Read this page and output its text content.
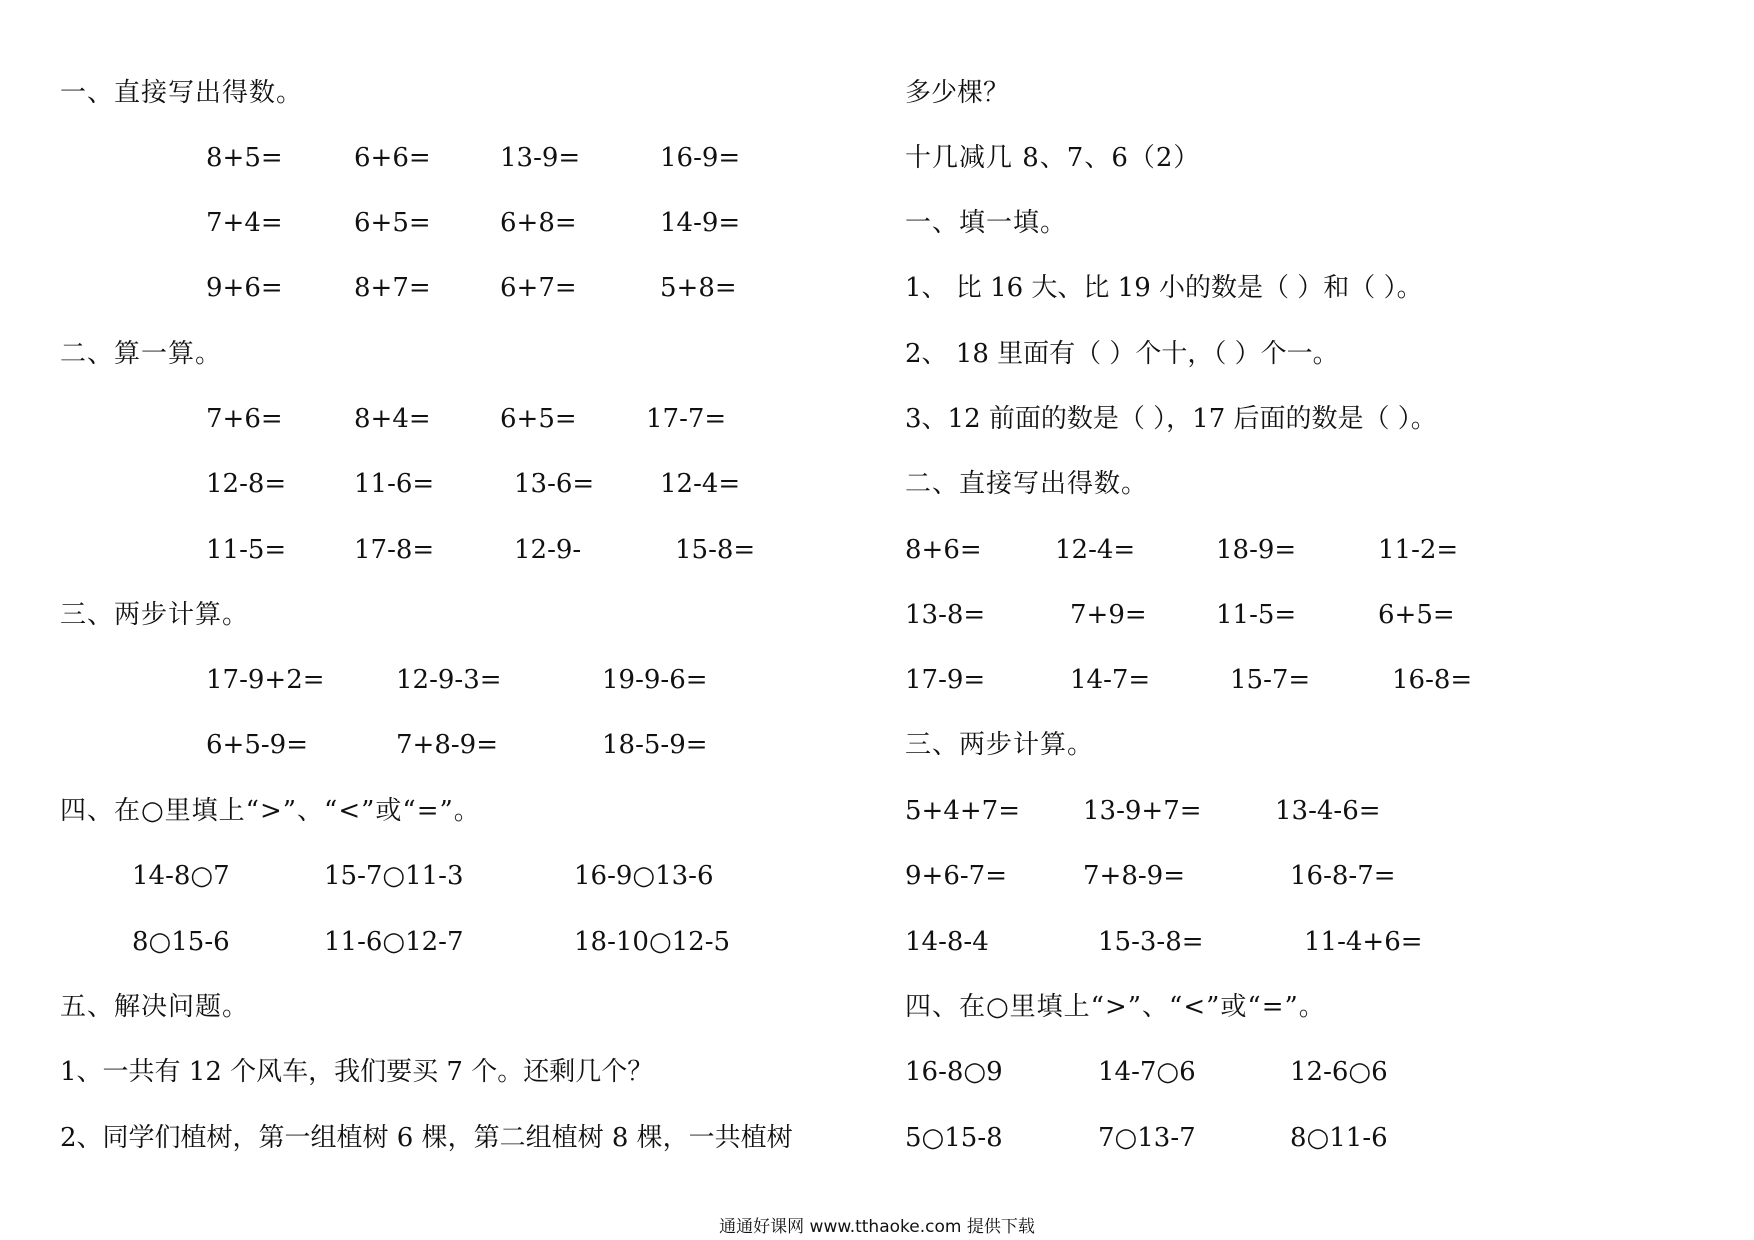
一、直接写出得数。
8+5=	6+6=	13-9=	16-9=
7+4=	6+5=	6+8=	14-9=
9+6=	8+7=	6+7=	5+8=
二、算一算。
7+6=	8+4=	6+5=	17-7=
12-8=	11-6=	13-6=	12-4=
11-5=	17-8=	12-9-	15-8=
三、两步计算。
17-9+2=	12-9-3=	19-9-6=
6+5-9=	7+8-9=	18-5-9=
四、在○里填上“>”、“<”或“=”。
14-8○7	15-7○11-3	16-9○13-6
8○15-6	11-6○12-7	18-10○12-5
五、解决问题。
1、一共有 12 个风车，我们要买 7 个。还剩几个？
2、同学们植树，第一组植树 6 棵，第二组植树 8 棵，一共植树
多少棵？
十几减几 8、7、6（2）
一、填一填。
1、 比 16 大、比 19 小的数是（ ）和（ ）。
2、 18 里面有（ ）个十，（ ）个一。
3、12 前面的数是（ ），17 后面的数是（ ）。
二、直接写出得数。
8+6=	12-4=	18-9=	11-2=
13-8=	7+9=	11-5=	6+5=
17-9=	14-7=	15-7=	16-8=
三、两步计算。
5+4+7= 13-9+7=	13-4-6=
9+6-7=	7+8-9=	16-8-7=
14-8-4	15-3-8=	11-4+6=
四、在○里填上“>”、“<”或“=”。
16-8○9	14-7○6	12-6○6
5○15-8	7○13-7	8○11-6
通通好课网 www.tthaoke.com 提供下载
